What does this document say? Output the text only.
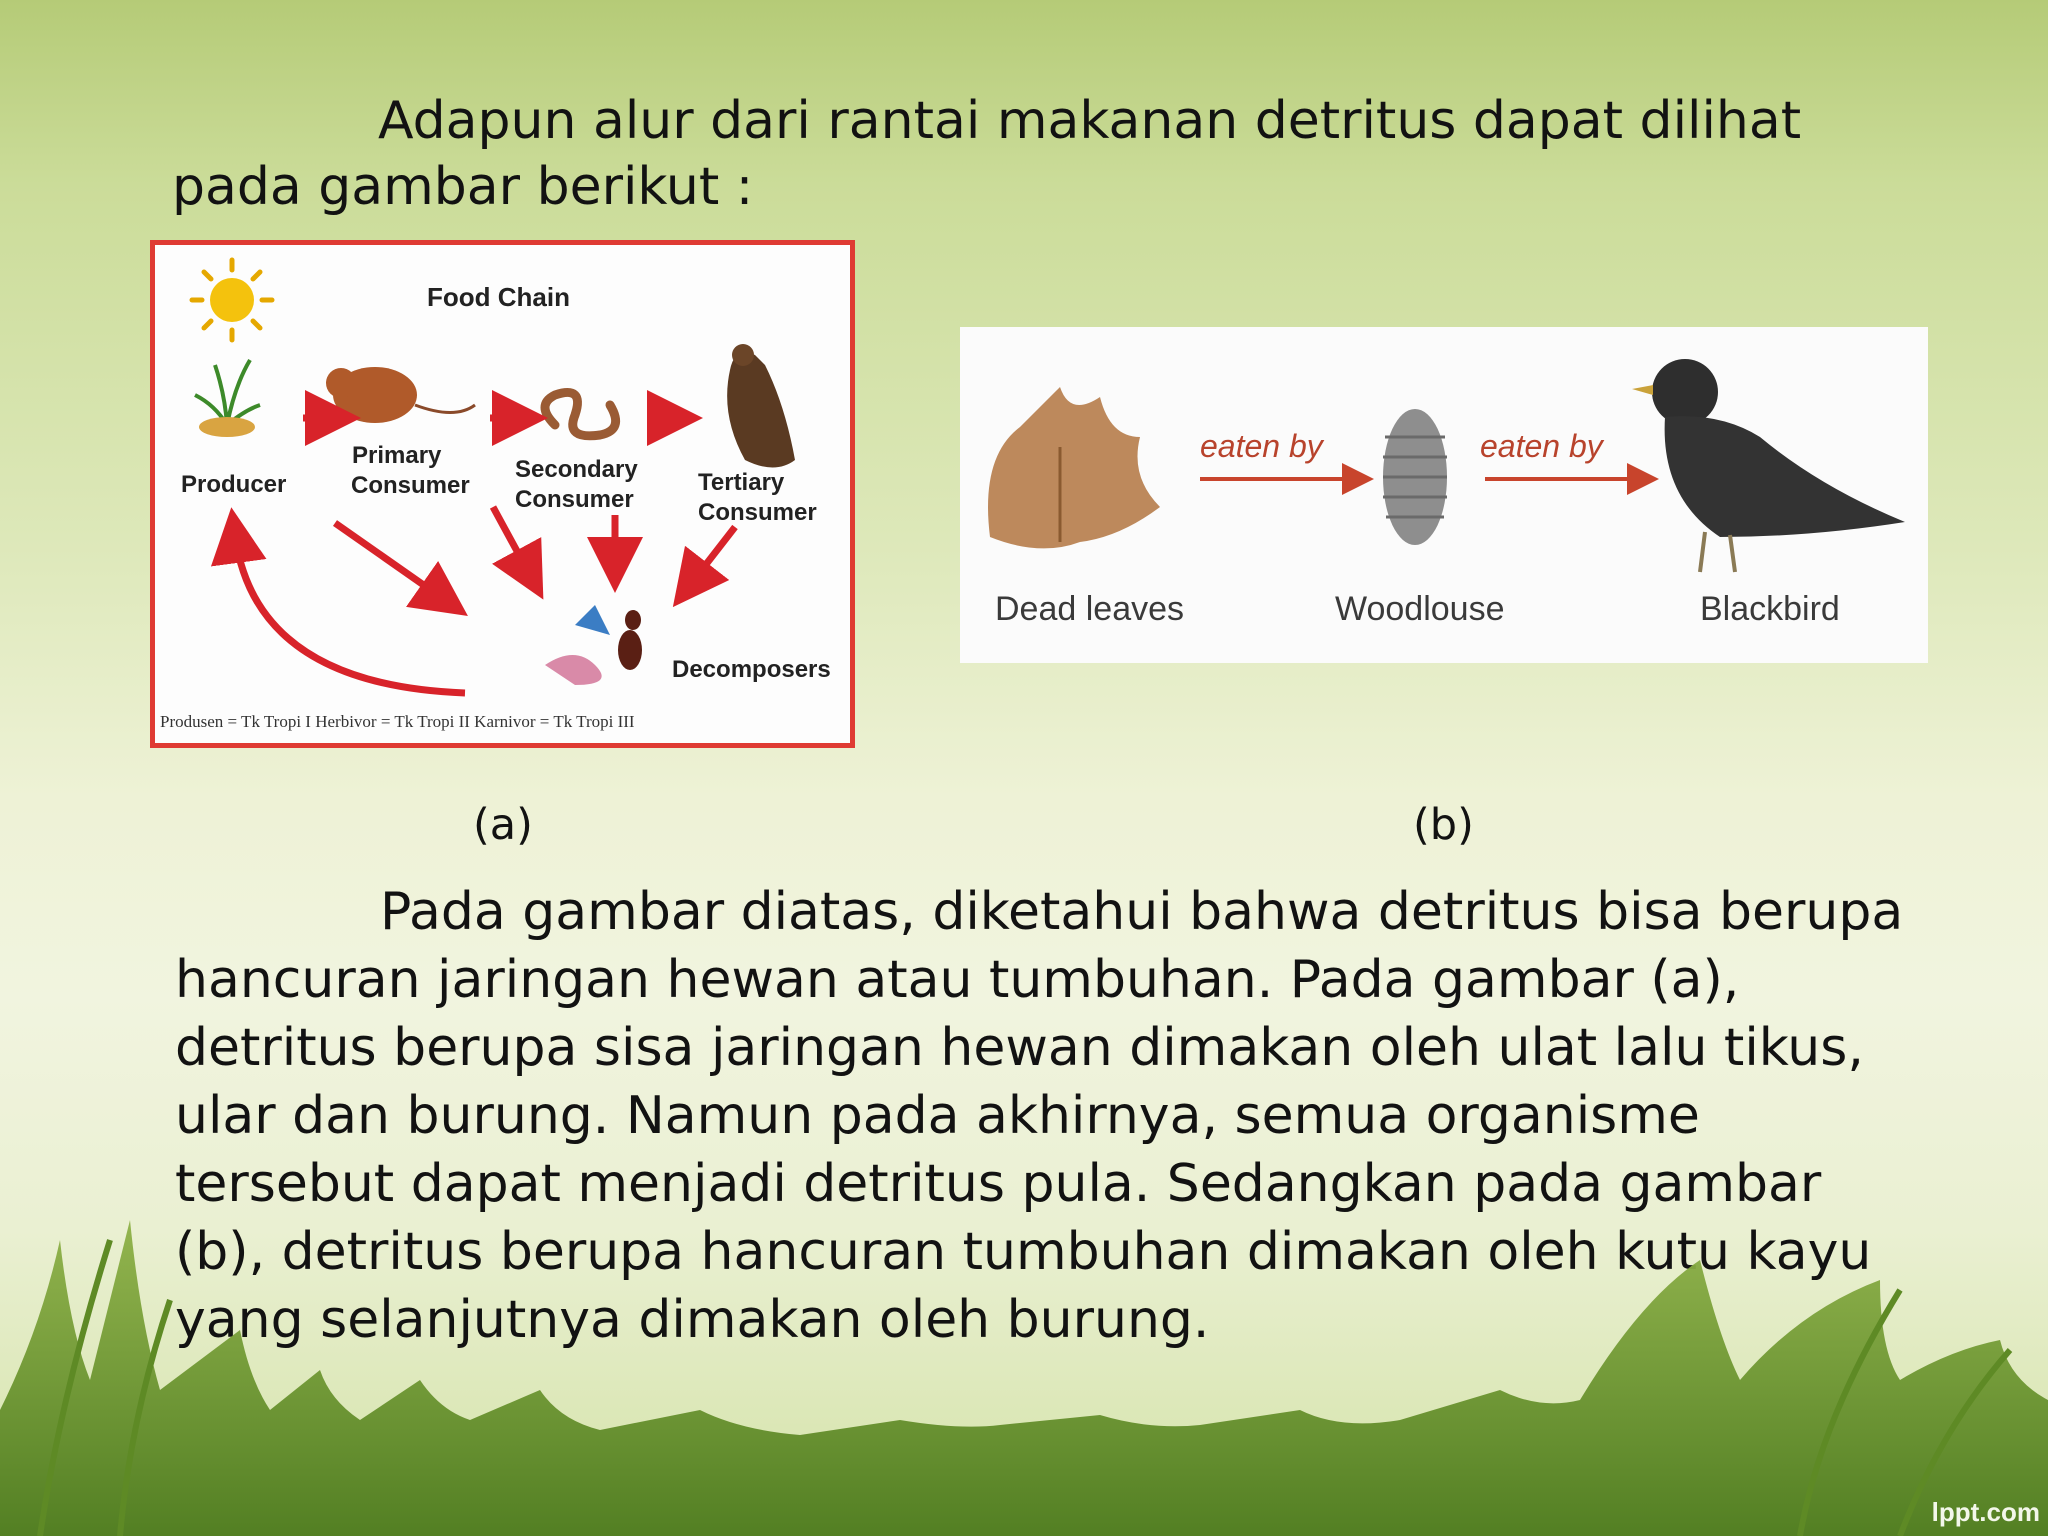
Adapun alur dari rantai makanan detritus dapat dilihat pada gambar berikut :

Food Chain
Producer
Primary
Consumer
Secondary
Consumer
Tertiary
Consumer
Decomposers
Produsen = Tk Tropi I Herbivor = Tk Tropi II Karnivor = Tk Tropi III
(a)
eaten by	eaten by
Dead leaves	Woodlouse	Blackbird
(b)

Pada gambar diatas, diketahui bahwa detritus bisa berupa hancuran jaringan hewan atau tumbuhan. Pada gambar (a), detritus berupa sisa jaringan hewan dimakan oleh ulat lalu tikus, ular dan burung. Namun pada akhirnya, semua organisme tersebut dapat menjadi detritus pula. Sedangkan pada gambar (b), detritus berupa hancuran tumbuhan dimakan oleh kutu kayu yang selanjutnya dimakan oleh burung.

lppt.com
